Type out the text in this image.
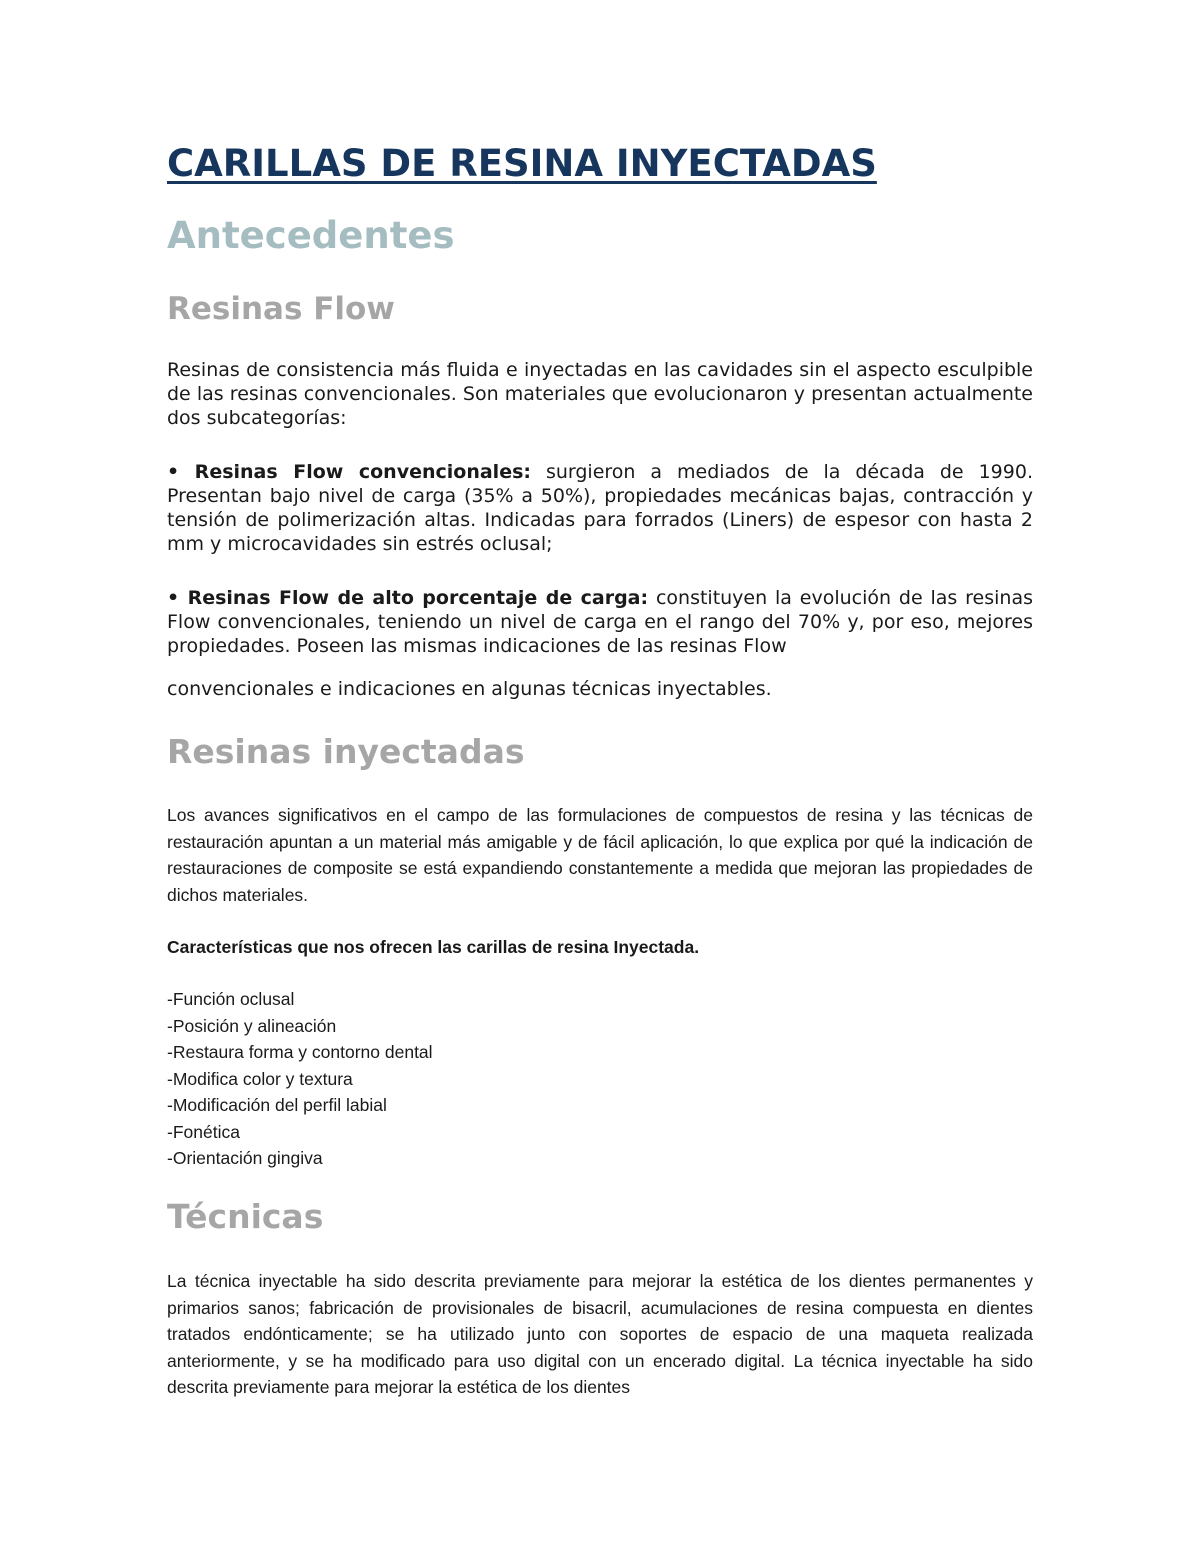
CARILLAS DE RESINA INYECTADAS
Antecedentes
Resinas Flow

Resinas de consistencia más fluida e inyectadas en las cavidades sin el aspecto esculpible de las resinas convencionales. Son materiales que evolucionaron y presentan actualmente dos subcategorías:

• Resinas Flow convencionales: surgieron a mediados de la década de 1990. Presentan bajo nivel de carga (35% a 50%), propiedades mecánicas bajas, contracción y tensión de polimerización altas. Indicadas para forrados (Liners) de espesor con hasta 2 mm y microcavidades sin estrés oclusal;

• Resinas Flow de alto porcentaje de carga: constituyen la evolución de las resinas Flow convencionales, teniendo un nivel de carga en el rango del 70% y, por eso, mejores propiedades. Poseen las mismas indicaciones de las resinas Flow

convencionales e indicaciones en algunas técnicas inyectables.

Resinas inyectadas

Los avances significativos en el campo de las formulaciones de compuestos de resina y las técnicas de restauración apuntan a un material más amigable y de fácil aplicación, lo que explica por qué la indicación de restauraciones de composite se está expandiendo constantemente a medida que mejoran las propiedades de dichos materiales.

Características que nos ofrecen las carillas de resina Inyectada.

-Función oclusal
-Posición y alineación
-Restaura forma y contorno dental
-Modifica color y textura
-Modificación del perfil labial
-Fonética
-Orientación gingiva
Técnicas

La técnica inyectable ha sido descrita previamente para mejorar la estética de los dientes permanentes y primarios sanos; fabricación de provisionales de bisacril, acumulaciones de resina compuesta en dientes tratados endónticamente; se ha utilizado junto con soportes de espacio de una maqueta realizada anteriormente, y se ha modificado para uso digital con un encerado digital. La técnica inyectable ha sido descrita previamente para mejorar la estética de los dientes
